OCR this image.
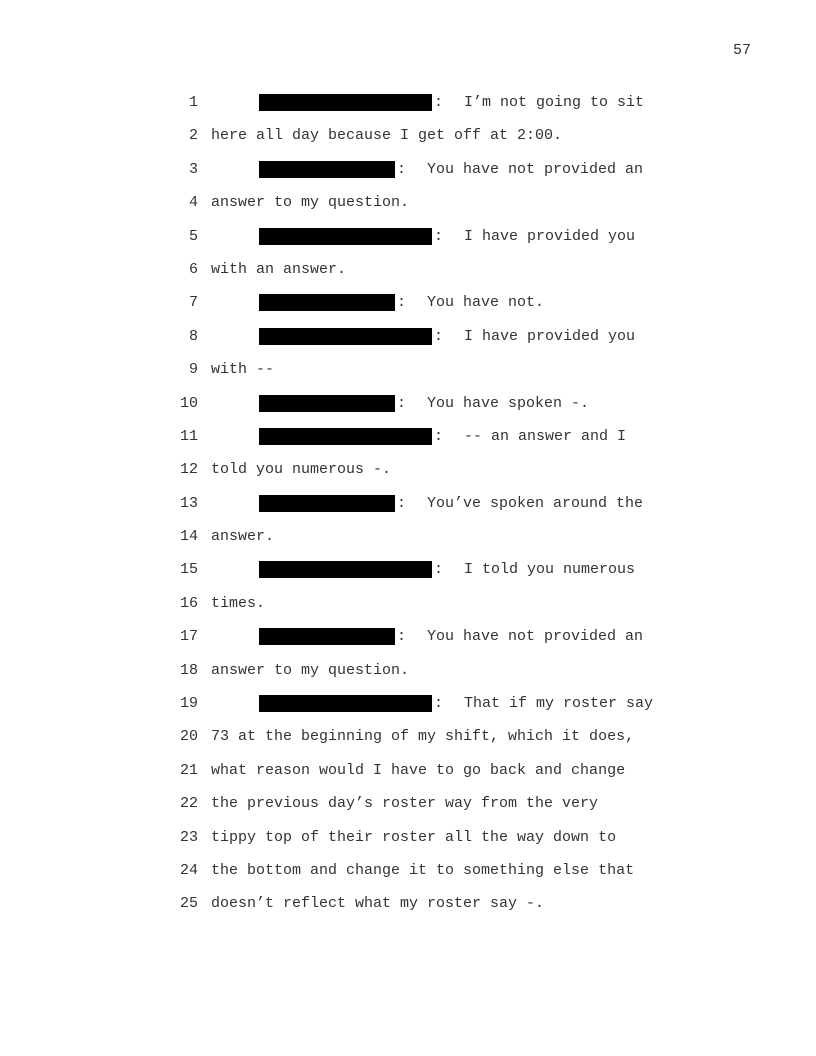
57
1	: I’m not going to sit
2 here all day because I get off at 2:00.
3	: You have not provided an
4 answer to my question.
5	: I have provided you
6 with an answer.
7	: You have not.
8	: I have provided you
9 with --
10	: You have spoken -.
11	: -- an answer and I
12 told you numerous -.
13	: You’ve spoken around the
14 answer.
15	: I told you numerous
16 times.
17	: You have not provided an
18 answer to my question.
19	: That if my roster say
20 73 at the beginning of my shift, which it does,
21 what reason would I have to go back and change
22 the previous day’s roster way from the very
23 tippy top of their roster all the way down to
24 the bottom and change it to something else that
25 doesn’t reflect what my roster say -.
